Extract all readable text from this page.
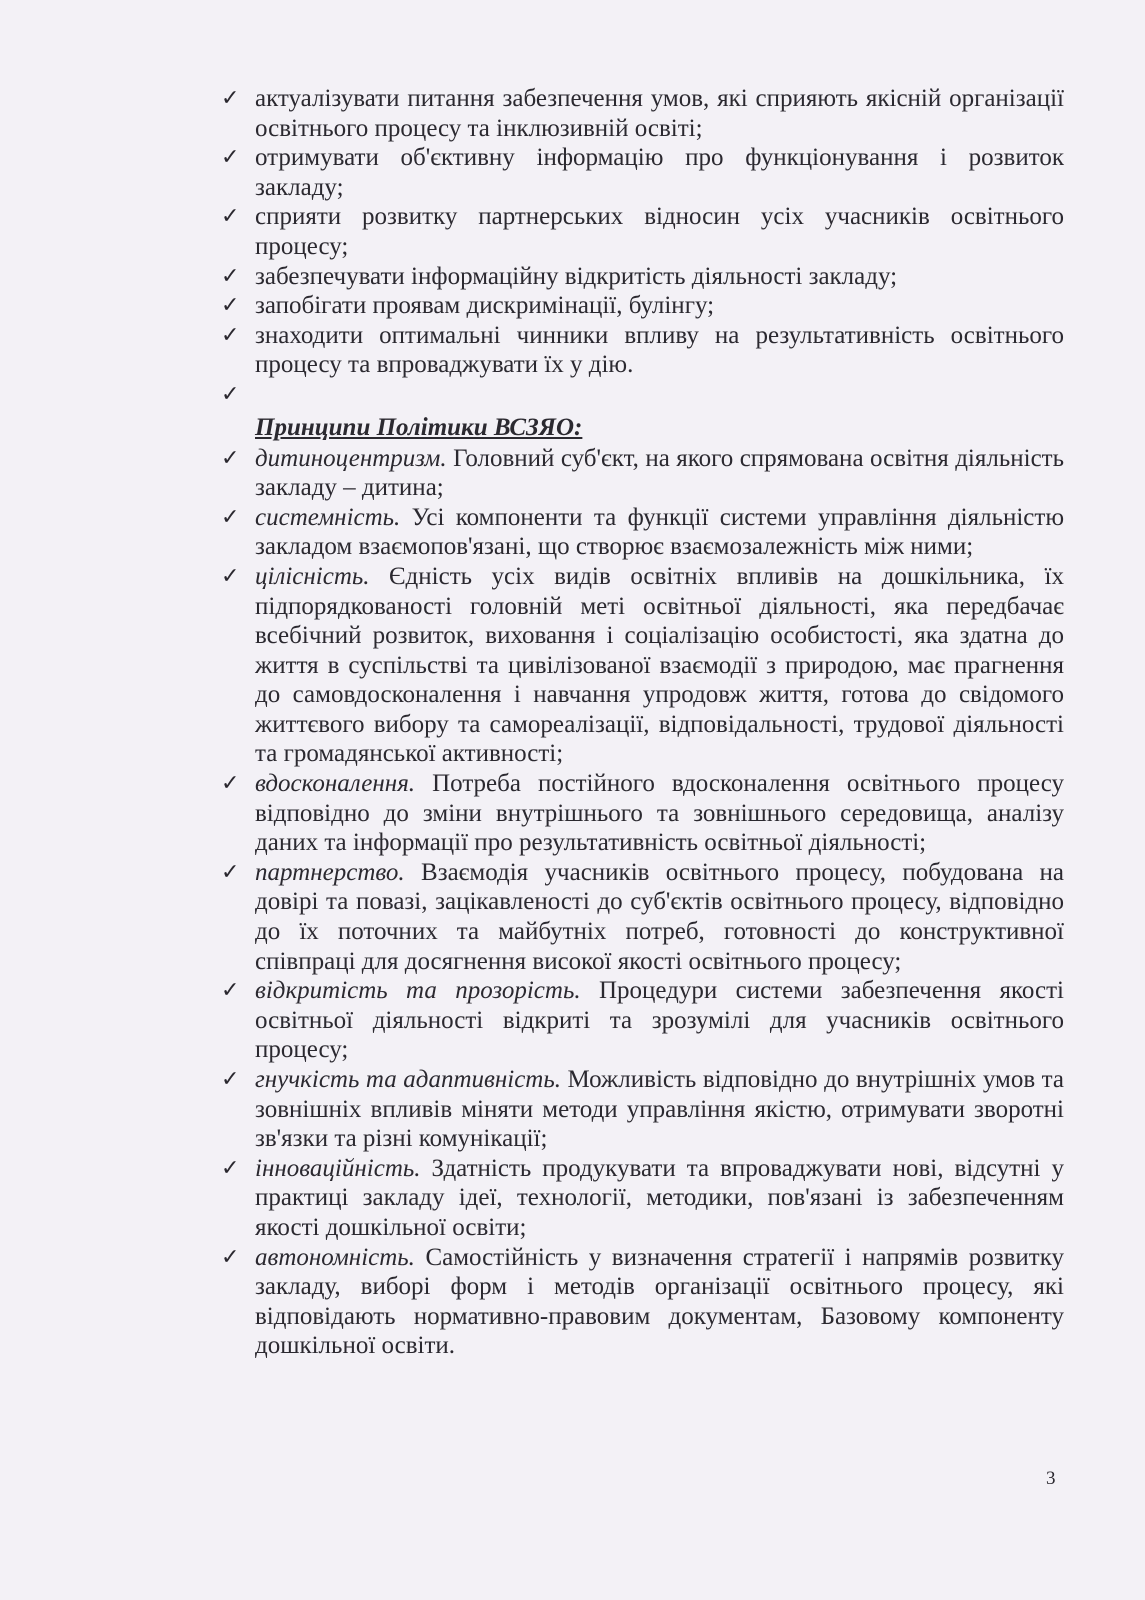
✓ актуалізувати питання забезпечення умов, які сприяють якісній організації освітнього процесу та інклюзивній освіті;
✓ отримувати об'єктивну інформацію про функціонування і розвиток закладу;
✓ сприяти розвитку партнерських відносин усіх учасників освітнього процесу;
✓ забезпечувати інформаційну відкритість діяльності закладу;
✓ запобігати проявам дискримінації, булінгу;
✓ знаходити оптимальні чинники впливу на результативність освітнього процесу та впроваджувати їх у дію.
✓
Принципи Політики ВСЗЯО:
✓ дитиноцентризм. Головний суб'єкт, на якого спрямована освітня діяльність закладу – дитина;
✓ системність. Усі компоненти та функції системи управління діяльністю закладом взаємопов'язані, що створює взаємозалежність між ними;
✓ цілісність. Єдність усіх видів освітніх впливів на дошкільника, їх підпорядкованості головній меті освітньої діяльності, яка передбачає всебічний розвиток, виховання і соціалізацію особистості, яка здатна до життя в суспільстві та цивілізованої взаємодії з природою, має прагнення до самовдосконалення і навчання упродовж життя, готова до свідомого життєвого вибору та самореалізації, відповідальності, трудової діяльності та громадянської активності;
✓ вдосконалення. Потреба постійного вдосконалення освітнього процесу відповідно до зміни внутрішнього та зовнішнього середовища, аналізу даних та інформації про результативність освітньої діяльності;
✓ партнерство. Взаємодія учасників освітнього процесу, побудована на довірі та повазі, зацікавленості до суб'єктів освітнього процесу, відповідно до їх поточних та майбутніх потреб, готовності до конструктивної співпраці для досягнення високої якості освітнього процесу;
✓ відкритість та прозорість. Процедури системи забезпечення якості освітньої діяльності відкриті та зрозумілі для учасників освітнього процесу;
✓ гнучкість та адаптивність. Можливість відповідно до внутрішніх умов та зовнішніх впливів міняти методи управління якістю, отримувати зворотні зв'язки та різні комунікації;
✓ інноваційність. Здатність продукувати та впроваджувати нові, відсутні у практиці закладу ідеї, технології, методики, пов'язані із забезпеченням якості дошкільної освіти;
✓ автономність. Самостійність у визначення стратегії і напрямів розвитку закладу, виборі форм і методів організації освітнього процесу, які відповідають нормативно-правовим документам, Базовому компоненту дошкільної освіти.
3
